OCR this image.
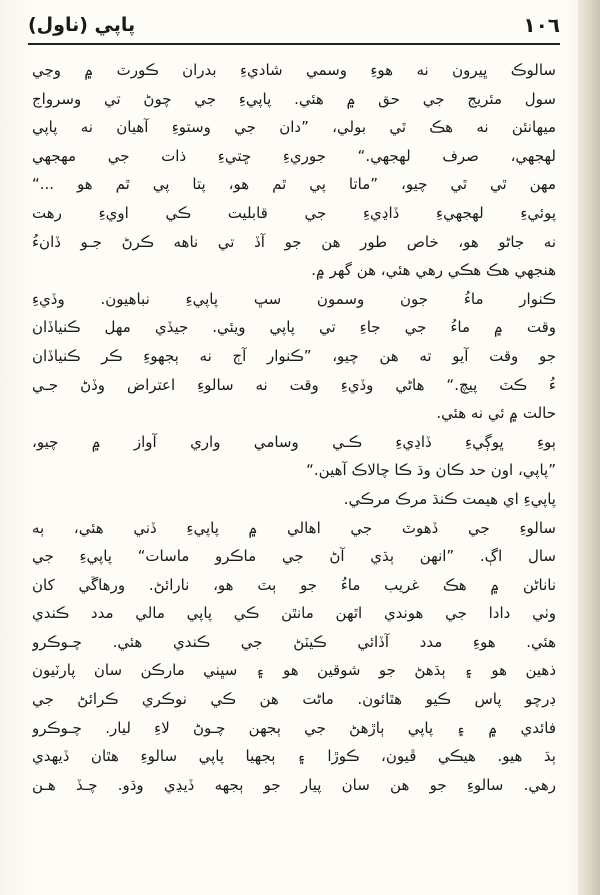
١٠٦
پاپي (ناول)
سالوڪ ڀيرون نه هوءِ وسمي شاديءِ بدران ڪورٽ ۾ وڃي
سول مئريج جي حق ۾ هئي. پاپيءِ جي چوڻ تي وسرواج
ميهانئن نه هڪ ٿي بولي، ”دان جي وستوءِ آهيان نه پاپي
لهجهي، صرف لهجهي.“ جوريءِ ڇتيءِ ذات جي مهجهي
مهن ٿي ٿي چيو، ”ماتا پي ٿم هو، پتا پي ٿم هو ...“
پوئيءِ لهجهيءِ ڏاڍيءِ جي قابليت ڪي اويءِ رهت
نه جاڻو هو، خاص طور هن جو آڏ تي ناهه ڪرڻ جـو ڏانءُ
هنجهي هڪ هڪي رهي هئي، هن گهر ۾.
ڪنوار ماءُ جون وسمون سڀ پاپيءِ نباهيون. وڏيءِ
وقت ۾ ماءُ جي جاءِ تي پاپي ويئي. جيڏي مهل ڪنياڏان
جو وقت آيو ته هن چيو، ”ڪنوار آڄ نه ٻجهوءِ ڪر ڪنياڏان
ءُ ڪٽ پيچ.“ هاڻي وڏيءِ وقت نه سالوءِ اعتراض وڏڻ جـي
حالت ۾ ئي نه هئي.
ٻوءِ ڀوڳيءِ ڏاڍيءِ ڪـي وسامي واري آواز ۾ چيو،
”پاپي، اون حد ڪان وڌ ڪا چالاڪ آهين.“
پاپيءِ اي هيمت ڪنڌ مرڪ مرڪي.
سالوءِ جي ڏهوٽ جي اهالي ۾ پاپيءِ ڏني هئي، ٻه
سال اڳ. ”انهن ٻڌي آڻ جي ماڪرو ماسات“ پاپيءِ جي
ناناڻن ۾ هڪ غريب ماءُ جو ٻٽ هو، نارائڻ. ورهاڱي کان
وٺي دادا جي هوندي اٿهن مانٿن ڪي پاپي مالي مدد ڪندي
هئي. هوءِ مدد آڏائي ڪيٽڻ جي ڪندي هئي. چـوڪرو
ذهين هو ۽ ٻڌهڻ جو شوقين هو ۽ سڀني مارڪن سان پارٽيون
ڊرچو پاس ڪيو هٿائون. ماڻت هن ڪي نوڪري ڪرائڻ جي
فائدي ۾ ۽ پاپي ٻاڙهڻ جي ٻجهن چـوڻ لاءِ ليار. چـوڪرو
ٻڌ هيو. هيڪي ڦيون، ڪوڙا ۽ ٻجهيا پاپي سالوءِ هٿان ڏيهدي
رهي. سالوءِ جو هن سان پيار جو ٻجهه ڏيڍي وڌو. چـڏ هـن
